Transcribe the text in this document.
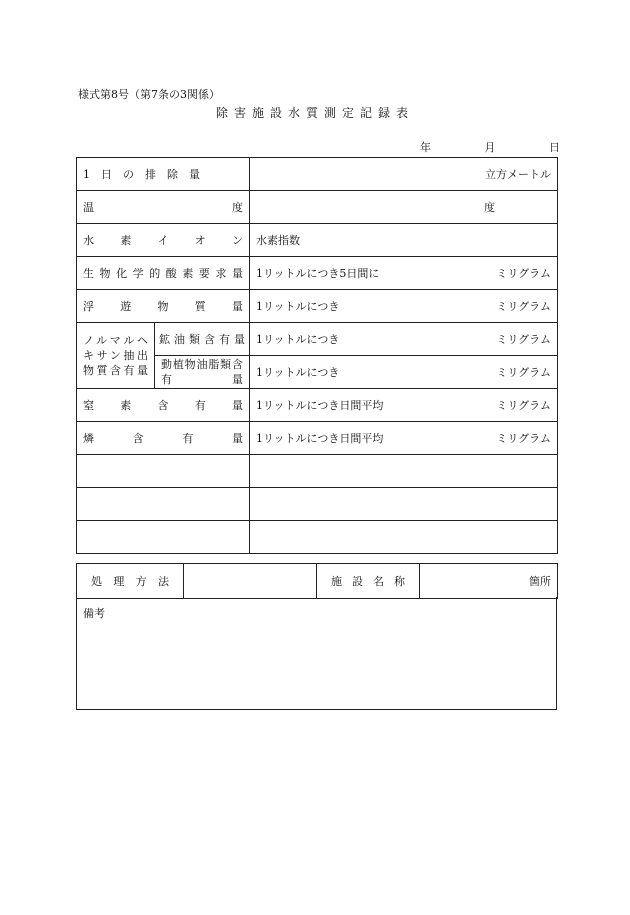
様式第8号（第7条の3関係）
除害施設水質測定記録表
年	月	日
1　日　の　排　除　量		立方メートル
温度		度
水素イオン		水素指数
生物化学的酸素要求量		1リットルにつき5日間に ミリグラム

浮遊物質量		1リットルにつき ミリグラム

ノルマルヘキサン抽出物質含有量	鉱油類含有量	1リットルにつき ミリグラム

	動植物油脂類含有量	1リットルにつき ミリグラム

窒素含有量		1リットルにつき日間平均 ミリグラム

燐含有量		1リットルにつき日間平均 ミリグラム

処理方法		施設名称	箇所
備考
